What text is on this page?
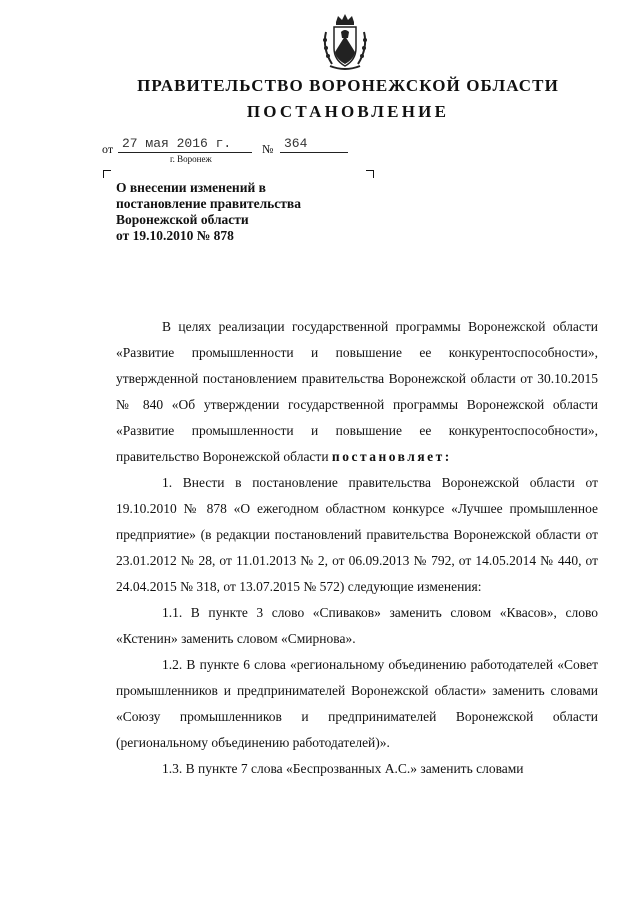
ПРАВИТЕЛЬСТВО ВОРОНЕЖСКОЙ ОБЛАСТИ
ПОСТАНОВЛЕНИЕ
от 27 мая 2016 г.	№ 364
г. Воронеж
О внесении изменений в
постановление правительства
Воронежской области
от 19.10.2010 № 878

В целях реализации государственной программы Воронежской области «Развитие промышленности и повышение ее конкурентоспособности», утвержденной постановлением правительства Воронежской области от 30.10.2015 № 840 «Об утверждении государственной программы Воронежской области «Развитие промышленности и повышение ее конкурентоспособности», правительство Воронежской области постановляет:

1. Внести в постановление правительства Воронежской области от 19.10.2010 № 878 «О ежегодном областном конкурсе «Лучшее промышленное предприятие» (в редакции постановлений правительства Воронежской области от 23.01.2012 № 28, от 11.01.2013 № 2, от 06.09.2013 № 792, от 14.05.2014 № 440, от 24.04.2015 № 318, от 13.07.2015 № 572) следующие изменения:

1.1. В пункте 3 слово «Спиваков» заменить словом «Квасов», слово «Кстенин» заменить словом «Смирнова».

1.2. В пункте 6 слова «региональному объединению работодателей «Совет промышленников и предпринимателей Воронежской области» заменить словами «Союзу промышленников и предпринимателей Воронежской области (региональному объединению работодателей)».

1.3. В пункте 7 слова «Беспрозванных А.С.» заменить словами
